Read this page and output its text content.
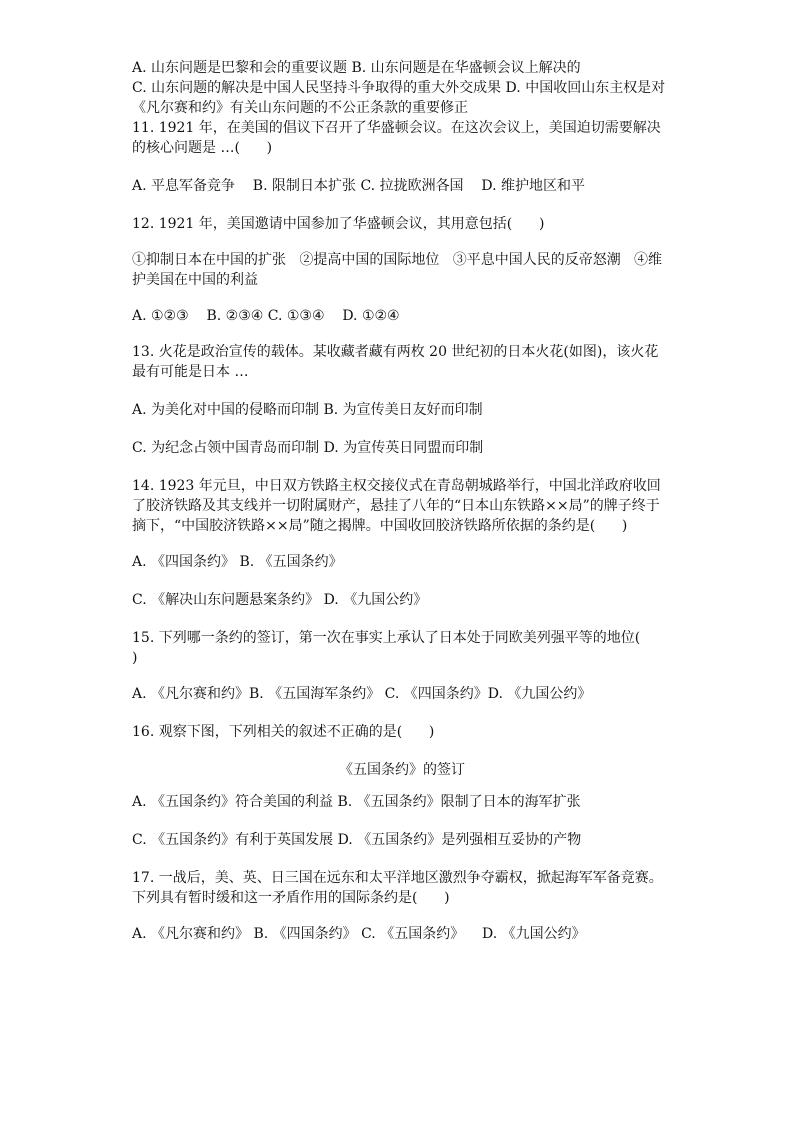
A. 山东问题是巴黎和会的重要议题 B. 山东问题是在华盛顿会议上解决的

C. 山东问题的解决是中国人民坚持斗争取得的重大外交成果 D. 中国收回山东主权是对《凡尔赛和约》有关山东问题的不公正条款的重要修正

11. 1921 年，在美国的倡议下召开了华盛顿会议。在这次会议上，美国迫切需要解决的核心问题是 …(      )

A. 平息军备竞争    B. 限制日本扩张 C. 拉拢欧洲各国    D. 维护地区和平

12. 1921 年，美国邀请中国参加了华盛顿会议，其用意包括(      )

①抑制日本在中国的扩张   ②提高中国的国际地位   ③平息中国人民的反帝怒潮   ④维护美国在中国的利益

A. ①②③    B. ②③④ C. ①③④    D. ①②④

13. 火花是政治宣传的载体。某收藏者藏有两枚 20 世纪初的日本火花(如图)，该火花最有可能是日本 …

A. 为美化对中国的侵略而印制 B. 为宣传美日友好而印制

C. 为纪念占领中国青岛而印制 D. 为宣传英日同盟而印制

14. 1923 年元旦，中日双方铁路主权交接仪式在青岛朝城路举行，中国北洋政府收回了胶济铁路及其支线并一切附属财产，悬挂了八年的“日本山东铁路××局”的牌子终于摘下，“中国胶济铁路××局”随之揭牌。中国收回胶济铁路所依据的条约是(      )

A. 《四国条约》 B. 《五国条约》

C. 《解决山东问题悬案条约》 D. 《九国公约》

15. 下列哪一条约的签订，第一次在事实上承认了日本处于同欧美列强平等的地位(      )

A. 《凡尔赛和约》B. 《五国海军条约》 C. 《四国条约》D. 《九国公约》

16. 观察下图，下列相关的叙述不正确的是(      )

《五国条约》的签订

A. 《五国条约》符合美国的利益 B. 《五国条约》限制了日本的海军扩张

C. 《五国条约》有利于英国发展 D. 《五国条约》是列强相互妥协的产物

17. 一战后，美、英、日三国在远东和太平洋地区激烈争夺霸权，掀起海军军备竞赛。下列具有暂时缓和这一矛盾作用的国际条约是(      )

A. 《凡尔赛和约》 B. 《四国条约》 C. 《五国条约》    D. 《九国公约》
